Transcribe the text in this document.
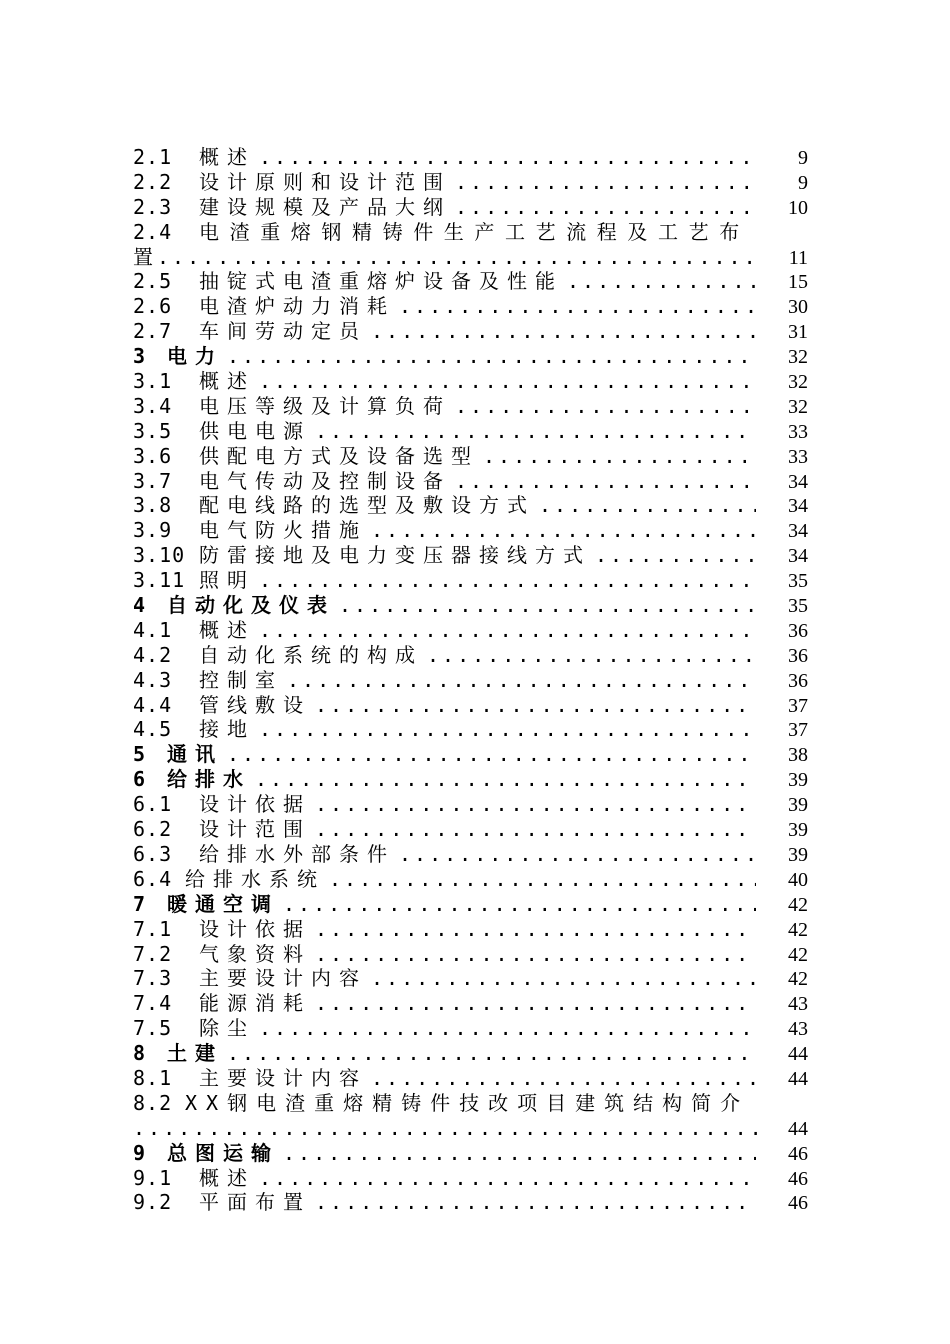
2.1	概述 .....	9
2.2	设计原则和设计范围 .....	9
2.3	建设规模及产品大纲 .....	10
2.4	电渣重熔钢精铸件生产工艺流程及工艺布
置 .....	11
2.5	抽锭式电渣重熔炉设备及性能 .....	15
2.6	电渣炉动力消耗 .....	30
2.7	车间劳动定员 .....	31
3	电力 .....	32
3.1	概述 .....	32
3.4	电压等级及计算负荷 .....	32
3.5	供电电源 .....	33
3.6	供配电方式及设备选型 .....	33
3.7	电气传动及控制设备 .....	34
3.8	配电线路的选型及敷设方式 .....	34
3.9	电气防火措施 .....	34
3.10 防雷接地及电力变压器接线方式 .....	34
3.11 照明 .....	35
4	自动化及仪表 .....	35
4.1	概述 .....	36
4.2	自动化系统的构成 .....	36
4.3	控制室 .....	36
4.4	管线敷设 .....	37
4.5	接地 .....	37
5	通讯 .....	38
6	给排水 .....	39
6.1	设计依据 .....	39
6.2	设计范围 .....	39
6.3	给排水外部条件 .....	39
6.4 给排水系统 .....	40
7	暖通空调 .....	42
7.1	设计依据 .....	42
7.2	气象资料 .....	42
7.3	主要设计内容 .....	42
7.4	能源消耗 .....	43
7.5	除尘 .....	43
8	土建 .....	44
8.1	主要设计内容 .....	44
8.2 XX钢电渣重熔精铸件技改项目建筑结构简介
.....
44
9	总图运输 .....	46
9.1	概述 .....	46
9.2	平面布置 .....	46
